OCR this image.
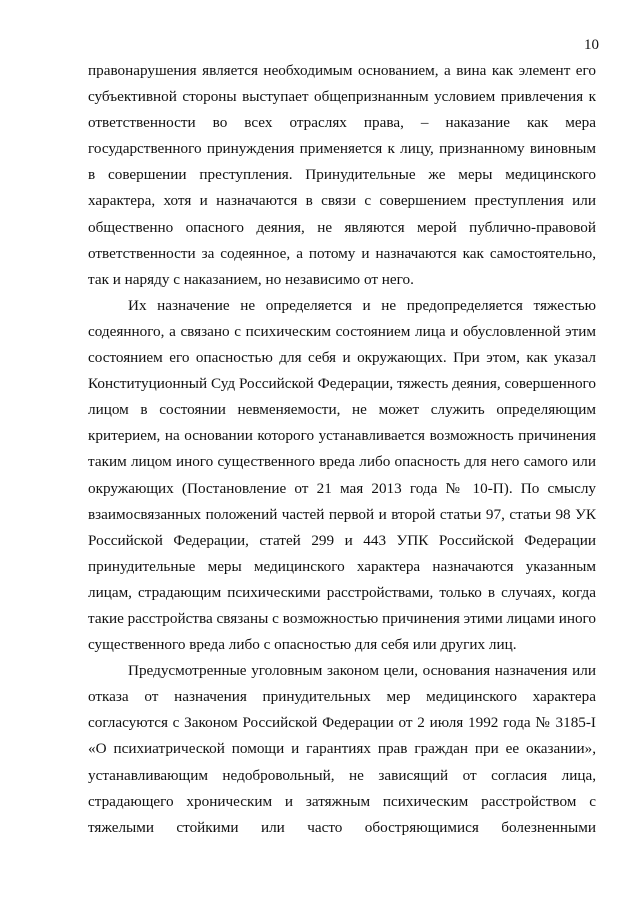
10

правонарушения является необходимым основанием, а вина как элемент его субъективной стороны выступает общепризнанным условием привлечения к ответственности во всех отраслях права, – наказание как мера государственного принуждения применяется к лицу, признанному виновным в совершении преступления. Принудительные же меры медицинского характера, хотя и назначаются в связи с совершением преступления или общественно опасного деяния, не являются мерой публично-правовой ответственности за содеянное, а потому и назначаются как самостоятельно, так и наряду с наказанием, но независимо от него.

Их назначение не определяется и не предопределяется тяжестью содеянного, а связано с психическим состоянием лица и обусловленной этим состоянием его опасностью для себя и окружающих. При этом, как указал Конституционный Суд Российской Федерации, тяжесть деяния, совершенного лицом в состоянии невменяемости, не может служить определяющим критерием, на основании которого устанавливается возможность причинения таким лицом иного существенного вреда либо опасность для него самого или окружающих (Постановление от 21 мая 2013 года № 10-П). По смыслу взаимосвязанных положений частей первой и второй статьи 97, статьи 98 УК Российской Федерации, статей 299 и 443 УПК Российской Федерации принудительные меры медицинского характера назначаются указанным лицам, страдающим психическими расстройствами, только в случаях, когда такие расстройства связаны с возможностью причинения этими лицами иного существенного вреда либо с опасностью для себя или других лиц.

Предусмотренные уголовным законом цели, основания назначения или отказа от назначения принудительных мер медицинского характера согласуются с Законом Российской Федерации от 2 июля 1992 года № 3185-I «О психиатрической помощи и гарантиях прав граждан при ее оказании», устанавливающим недобровольный, не зависящий от согласия лица, страдающего хроническим и затяжным психическим расстройством с тяжелыми стойкими или часто обостряющимися болезненными
